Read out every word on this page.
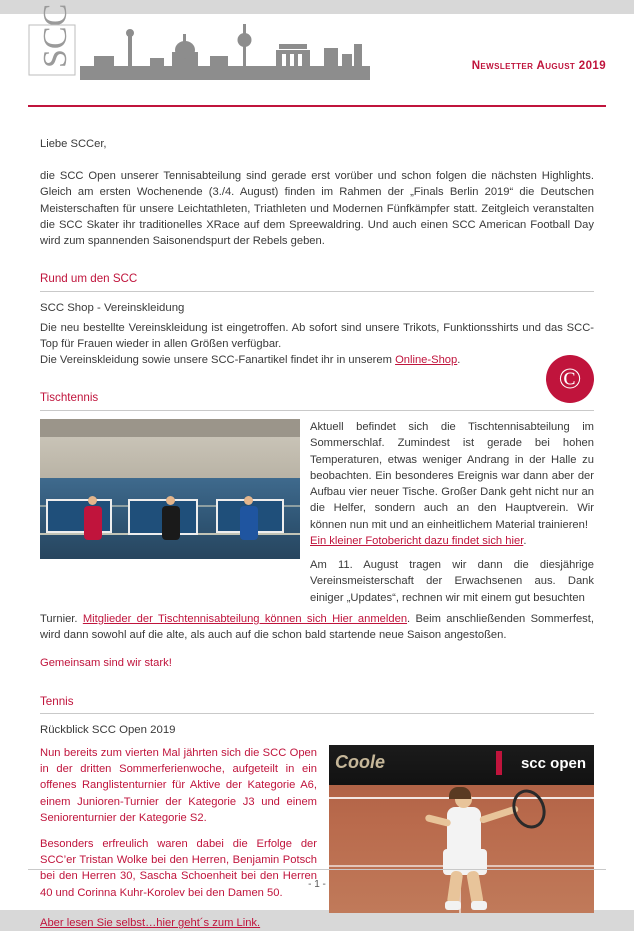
SCC	Newsletter August 2019

Liebe SCCer,

die SCC Open unserer Tennisabteilung sind gerade erst vorüber und schon folgen die nächsten Highlights. Gleich am ersten Wochenende (3./4. August) finden im Rahmen der „Finals Berlin 2019“ die Deutschen Meisterschaften für unsere Leichtathleten, Triathleten und Modernen Fünfkämpfer statt. Zeitgleich veranstalten die SCC Skater ihr traditionelles XRace auf dem Spreewaldring. Und auch einen SCC American Football Day wird zum spannenden Saisonendspurt der Rebels geben.

Rund um den SCC
SCC Shop - Vereinskleidung

Die neu bestellte Vereinskleidung ist eingetroffen. Ab sofort sind unsere Trikots, Funktionsshirts und das SCC-Top für Frauen wieder in allen Größen verfügbar.

Die Vereinskleidung sowie unsere SCC-Fanartikel findet ihr in unserem Online-Shop.

©
Tischtennis

Aktuell befindet sich die Tischtennisabteilung im Sommerschlaf. Zumindest ist gerade bei hohen Temperaturen, etwas weniger Andrang in der Halle zu beobachten. Ein besonderes Ereignis war dann aber der Aufbau vier neuer Tische. Großer Dank geht nicht nur an die Helfer, sondern auch an den Hauptverein. Wir können nun mit und an einheitlichem Material trainieren!

Ein kleiner Fotobericht dazu findet sich hier.

Am 11. August tragen wir dann die diesjährige Vereinsmeisterschaft der Erwachsenen aus. Dank einiger „Updates“, rechnen wir mit einem gut besuchten

Turnier. Mitglieder der Tischtennisabteilung können sich Hier anmelden. Beim anschließenden Sommerfest, wird dann sowohl auf die alte, als auch auf die schon bald startende neue Saison angestoßen.

Gemeinsam sind wir stark!

Tennis
Rückblick SCC Open 2019

Nun bereits zum vierten Mal jährten sich die SCC Open in der dritten Sommerferienwoche, aufgeteilt in ein offenes Ranglistenturnier für Aktive der Kategorie A6, einem Junioren-Turnier der Kategorie J3 und einem Seniorenturnier der Kategorie S2.

Besonders erfreulich waren dabei die Erfolge der SCC’er Tristan Wolke bei den Herren, Benjamin Potsch bei den Herren 30, Sascha Schoenheit bei den Herren 40 und Corinna Kuhr-Korolev bei den Damen 50.

Aber lesen Sie selbst…hier geht´s zum Link.

Coole	scc open
- 1 -
